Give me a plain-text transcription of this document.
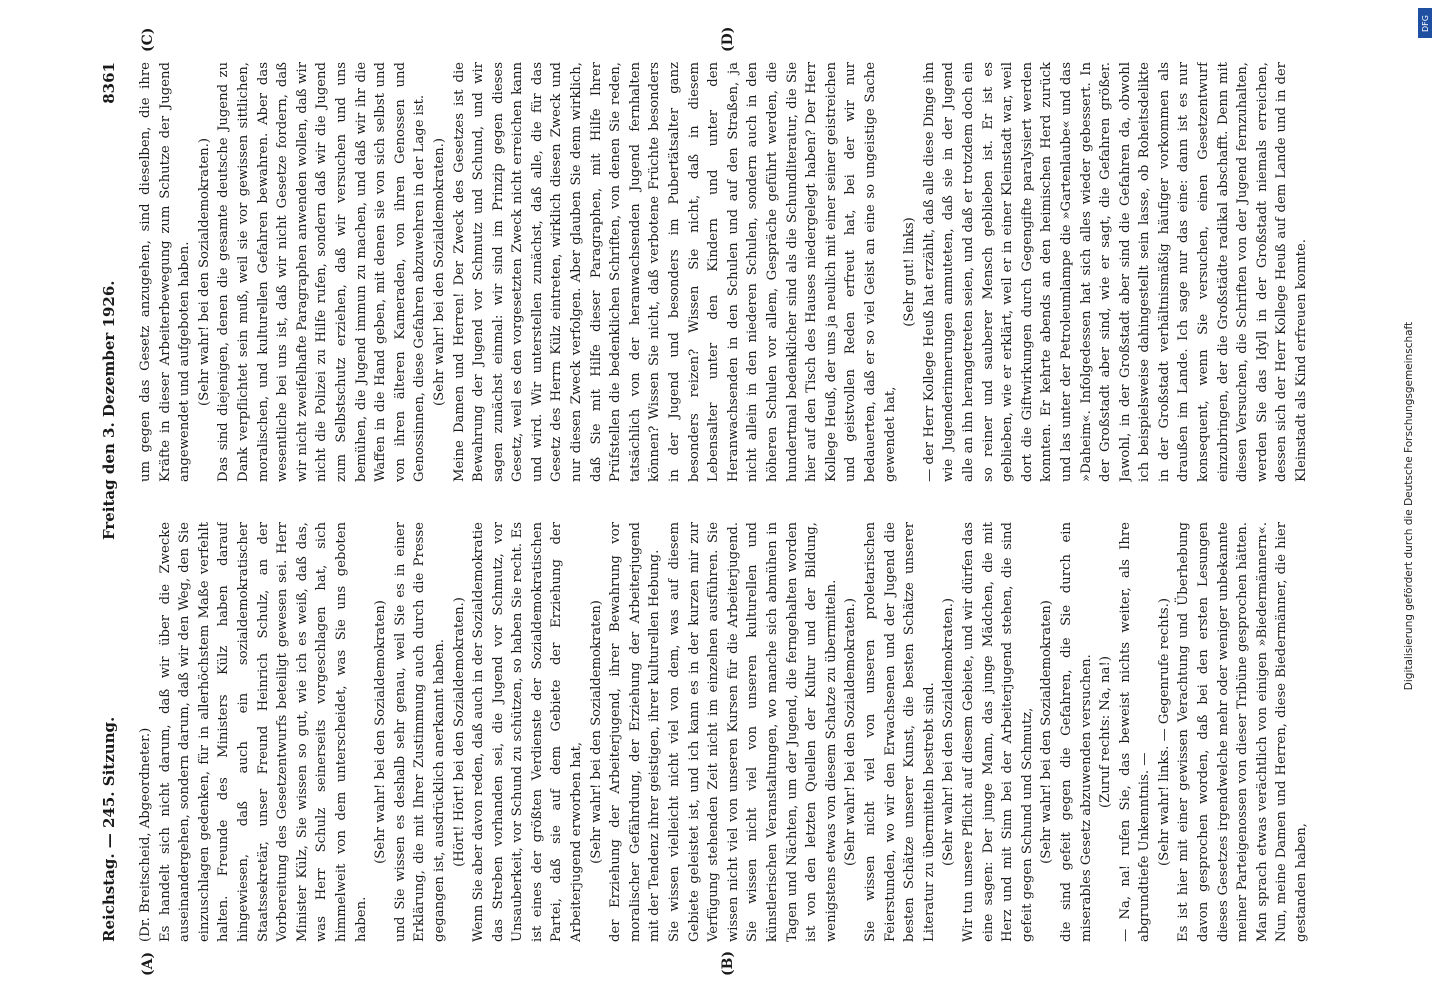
Reichstag. — 245. Sitzung.
Freitag den 3. Dezember 1926.
8361

(Dr. Breitscheid, Abgeordneter.) Es handelt sich nicht darum, daß wir über die Zwecke auseinandergehen, sondern darum, daß wir den Weg, den Sie einzuschlagen gedenken, für in allerhöchstem Maße verfehlt halten. Freunde des Ministers Külz haben darauf hingewiesen, daß auch ein sozialdemokratischer Staatssekretär, unser Freund Heinrich Schulz, an der Vorbereitung des Gesetzentwurfs beteiligt gewesen sei. Herr Minister Külz, Sie wissen so gut, wie ich es weiß, daß das, was Herr Schulz seinerseits vorgeschlagen hat, sich himmelweit von dem unterscheidet, was Sie uns geboten haben.

(Sehr wahr! bei den Sozialdemokraten) und Sie wissen es deshalb sehr genau, weil Sie es in einer Erklärung, die mit Ihrer Zustimmung auch durch die Presse gegangen ist, ausdrücklich anerkannt haben. (Hört! Hört! bei den Sozialdemokraten.) Wenn Sie aber davon reden, daß auch in der Sozialdemokratie das Streben vorhanden sei, die Jugend vor Schmutz, vor Unsauberkeit, vor Schund zu schützen, so haben Sie recht. Es ist eines der größten Verdienste der Sozialdemokratischen Partei, daß sie auf dem Gebiete der Erziehung der Arbeiterjugend erworben hat, (Sehr wahr! bei den Sozialdemokraten) der Erziehung der Arbeiterjugend, ihrer Bewahrung vor moralischer Gefährdung, der Erziehung der Arbeiterjugend mit der Tendenz ihrer geistigen, ihrer kulturellen Hebung. Sie wissen vielleicht nicht viel von dem, was auf diesem Gebiete geleistet ist, und ich kann es in der kurzen mir zur Verfügung stehenden Zeit nicht im einzelnen ausführen. Sie wissen nicht viel von unseren Kursen für die Arbeiterjugend. Sie wissen nicht viel von unseren kulturellen und künstlerischen Veranstaltungen, wo manche sich abmühen in Tagen und Nächten, um der Jugend, die ferngehalten worden ist von den letzten Quellen der Kultur und der Bildung, wenigstens etwas von diesem Schatze zu übermitteln. (Sehr wahr! bei den Sozialdemokraten.) Sie wissen nicht viel von unseren proletarischen Feierstunden, wo wir den Erwachsenen und der Jugend die besten Schätze unserer Kunst, die besten Schätze unserer Literatur zu übermitteln bestrebt sind. (Sehr wahr! bei den Sozialdemokraten.) Wir tun unsere Pflicht auf diesem Gebiete, und wir dürfen das eine sagen: Der junge Mann, das junge Mädchen, die mit Herz und mit Sinn bei der Arbeiterjugend stehen, die sind gefeit gegen Schund und Schmutz, (Sehr wahr! bei den Sozialdemokraten) die sind gefeit gegen die Gefahren, die Sie durch ein miserables Gesetz abzuwenden versuchen. (Zuruf rechts: Na, na!) — Na, na! rufen Sie, das beweist nichts weiter, als Ihre abgrundtiefe Unkenntnis. — (Sehr wahr! links. — Gegenrufe rechts.) Es ist hier mit einer gewissen Verachtung und Überhebung davon gesprochen worden, daß bei den ersten Lesungen dieses Gesetzes irgendwelche mehr oder weniger unbekannte meiner Parteigenossen von dieser Tribüne gesprochen hätten. Man sprach etwas verächtlich von einigen »Biedermännern«. Nun, meine Damen und Herren, diese Biedermänner, die hier gestanden haben,

um gegen das Gesetz anzugehen, sind dieselben, die ihre Kräfte in dieser Arbeiterbewegung zum Schutze der Jugend angewendet und aufgeboten haben. (Sehr wahr! bei den Sozialdemokraten.) Das sind diejenigen, denen die gesamte deutsche Jugend zu Dank verpflichtet sein muß, weil sie vor gewissen sittlichen, moralischen, und kulturellen Gefahren bewahren. Aber das wesentliche bei uns ist, daß wir nicht Gesetze fordern, daß wir nicht zweifelhafte Paragraphen anwenden wollen, daß wir nicht die Polizei zu Hilfe rufen, sondern daß wir die Jugend zum Selbstschutz erziehen, daß wir versuchen und uns bemühen, die Jugend immun zu machen, und daß wir ihr die Waffen in die Hand geben, mit denen sie von sich selbst und von ihren älteren Kameraden, von ihren Genossen und Genossinnen, diese Gefahren abzuwehren in der Lage ist. (Sehr wahr! bei den Sozialdemokraten.) Meine Damen und Herren! Der Zweck des Gesetzes ist die Bewahrung der Jugend vor Schmutz und Schund, und wir sagen zunächst einmal: wir sind im Prinzip gegen dieses Gesetz, weil es den vorgesetzten Zweck nicht erreichen kann und wird. Wir unterstellen zunächst, daß alle, die für das Gesetz des Herrn Külz eintreten, wirklich diesen Zweck und nur diesen Zweck verfolgen. Aber glauben Sie denn wirklich, daß Sie mit Hilfe dieser Paragraphen, mit Hilfe Ihrer Prüfstellen die bedenklichen Schriften, von denen Sie reden, tatsächlich von der heranwachsenden Jugend fernhalten können? Wissen Sie nicht, daß verbotene Früchte besonders in der Jugend und besonders im Pubertätsalter ganz besonders reizen? Wissen Sie nicht, daß in diesem Lebensalter unter den Kindern und unter den Heranwachsenden in den Schulen und auf den Straßen, ja nicht allein in den niederen Schulen, sondern auch in den höheren Schulen vor allem, Gespräche geführt werden, die hundertmal bedenklicher sind als die Schundliteratur, die Sie hier auf den Tisch des Hauses niedergelegt haben? Der Herr Kollege Heuß, der uns ja neulich mit einer seiner geistreichen und geistvollen Reden erfreut hat, bei der wir nur bedauerten, daß er so viel Geist an eine so ungeistige Sache gewendet hat,

(Sehr gut! links) — der Herr Kollege Heuß hat erzählt, daß alle diese Dinge ihn wie Jugenderinnerungen anmuteten, daß sie in der Jugend alle an ihn herangetreten seien, und daß er trotzdem doch ein so reiner und sauberer Mensch geblieben ist. Er ist es geblieben, wie er erklärt, weil er in einer Kleinstadt war, weil dort die Giftwirkungen durch Gegengifte paralysiert werden konnten. Er kehrte abends an den heimischen Herd zurück und las unter der Petroleumlampe die »Gartenlaube« und das »Daheim«. Infolgedessen hat sich alles wieder gebessert. In der Großstadt aber sind, wie er sagt, die Gefahren größer. Jawohl, in der Großstadt aber sind die Gefahren da, obwohl ich beispielsweise dahingestellt sein lasse, ob Roheitsdelikte in der Großstadt verhältnismäßig häufiger vorkommen als draußen im Lande. Ich sage nur das eine: dann ist es nur konsequent, wenn Sie versuchen, einen Gesetzentwurf einzubringen, der die Großstädte radikal abschafft. Denn mit diesen Versuchen, die Schriften von der Jugend fernzuhalten, werden Sie das Idyll in der Großstadt niemals erreichen, dessen sich der Herr Kollege Heuß auf dem Lande und in der Kleinstadt als Kind erfreuen konnte.

(A)	(B)
(C)	(D)
DFG
Digitalisierung gefördert durch die Deutsche Forschungsgemeinschaft
